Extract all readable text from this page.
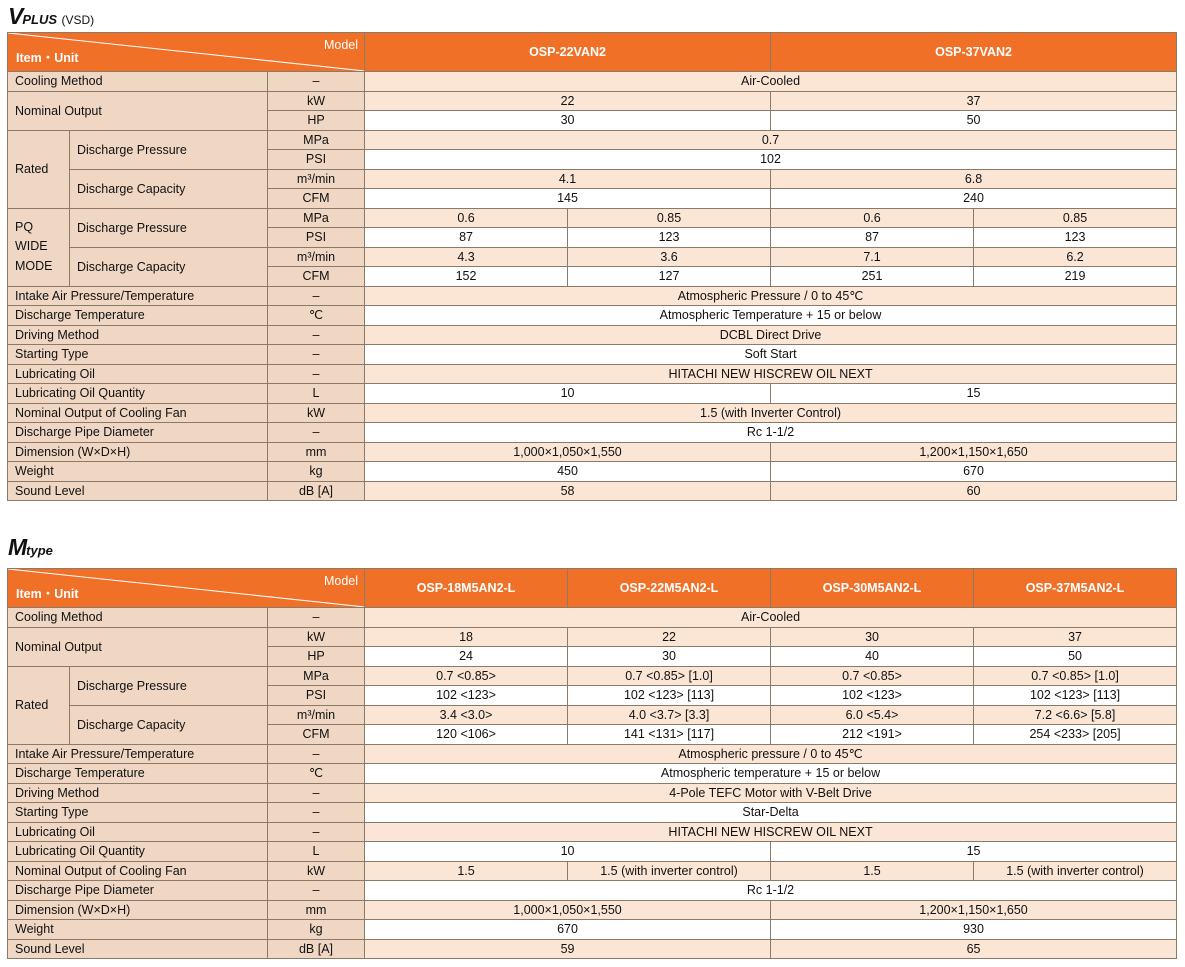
VPLUS (VSD)
Model
Item・Unit			OSP-22VAN2		OSP-37VAN2	
Cooling Method		–	Air-Cooled			
Nominal Output		kW	22		37	
		HP	30		50	
Rated	Discharge Pressure	MPa	0.7			
		PSI	102			
	Discharge Capacity	m³/min	4.1		6.8	
		CFM	145		240	
PQ
WIDE
MODE	Discharge Pressure	MPa	0.6	0.85	0.6	0.85
		PSI	87	123	87	123
	Discharge Capacity	m³/min	4.3	3.6	7.1	6.2
		CFM	152	127	251	219
Intake Air Pressure/Temperature		–	Atmospheric Pressure / 0 to 45℃			
Discharge Temperature		℃	Atmospheric Temperature + 15 or below			
Driving Method		–	DCBL Direct Drive			
Starting Type		–	Soft Start			
Lubricating Oil		–	HITACHI NEW HISCREW OIL NEXT			
Lubricating Oil Quantity		L	10		15	
Nominal Output of Cooling Fan		kW	1.5 (with Inverter Control)			
Discharge Pipe Diameter		–	Rc 1-1/2			
Dimension (W×D×H)		mm	1,000×1,050×1,550		1,200×1,150×1,650	
Weight		kg	450		670	
Sound Level		dB [A]	58		60	
Mtype
Model
Item・Unit			OSP-18M5AN2-L	OSP-22M5AN2-L	OSP-30M5AN2-L	OSP-37M5AN2-L
Cooling Method		–	Air-Cooled			
Nominal Output		kW	18	22	30	37
		HP	24	30	40	50
Rated	Discharge Pressure	MPa	0.7 <0.85>	0.7 <0.85> [1.0]	0.7 <0.85>	0.7 <0.85> [1.0]
		PSI	102 <123>	102 <123> [113]	102 <123>	102 <123> [113]
	Discharge Capacity	m³/min	3.4 <3.0>	4.0 <3.7> [3.3]	6.0 <5.4>	7.2 <6.6> [5.8]
		CFM	120 <106>	141 <131> [117]	212 <191>	254 <233> [205]
Intake Air Pressure/Temperature		–	Atmospheric pressure / 0 to 45℃			
Discharge Temperature		℃	Atmospheric temperature + 15 or below			
Driving Method		–	4-Pole TEFC Motor with V-Belt Drive			
Starting Type		–	Star-Delta			
Lubricating Oil		–	HITACHI NEW HISCREW OIL NEXT			
Lubricating Oil Quantity		L	10		15	
Nominal Output of Cooling Fan		kW	1.5	1.5 (with inverter control)	1.5	1.5 (with inverter control)
Discharge Pipe Diameter		–	Rc 1-1/2			
Dimension (W×D×H)		mm	1,000×1,050×1,550		1,200×1,150×1,650	
Weight		kg	670		930	
Sound Level		dB [A]	59		65	
